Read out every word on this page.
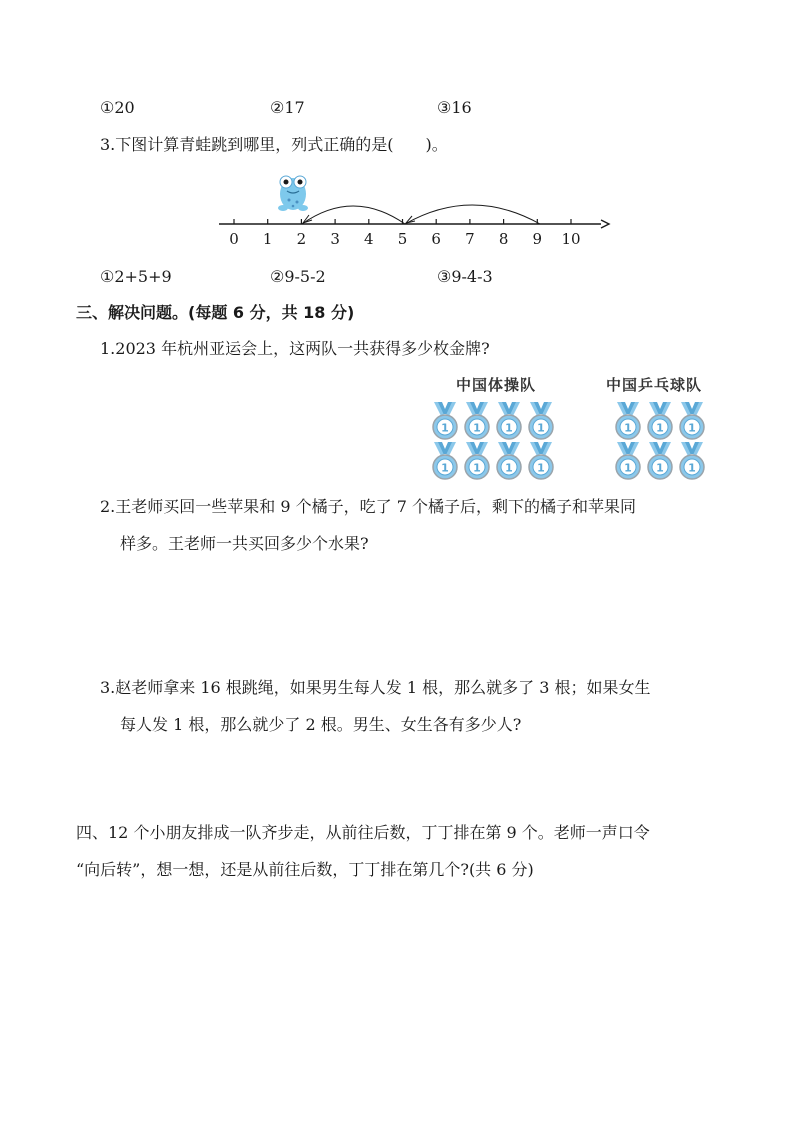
①20	②17	③16
3.下图计算青蛙跳到哪里，列式正确的是(　　)。
0 1 2 3 4 5 6 7 8 9 10
①2+5+9	②9-5-2	③9-4-3
三、解决问题。(每题 6 分，共 18 分)
1.2023 年杭州亚运会上，这两队一共获得多少枚金牌?
中国体操队	中国乒乓球队
1 1 1 1
1 1 1 1
1 1 1
1 1 1
2.王老师买回一些苹果和 9 个橘子，吃了 7 个橘子后，剩下的橘子和苹果同
样多。王老师一共买回多少个水果?
3.赵老师拿来 16 根跳绳，如果男生每人发 1 根，那么就多了 3 根；如果女生
每人发 1 根，那么就少了 2 根。男生、女生各有多少人?
四、12 个小朋友排成一队齐步走，从前往后数，丁丁排在第 9 个。老师一声口令
“向后转”，想一想，还是从前往后数，丁丁排在第几个?(共 6 分)
